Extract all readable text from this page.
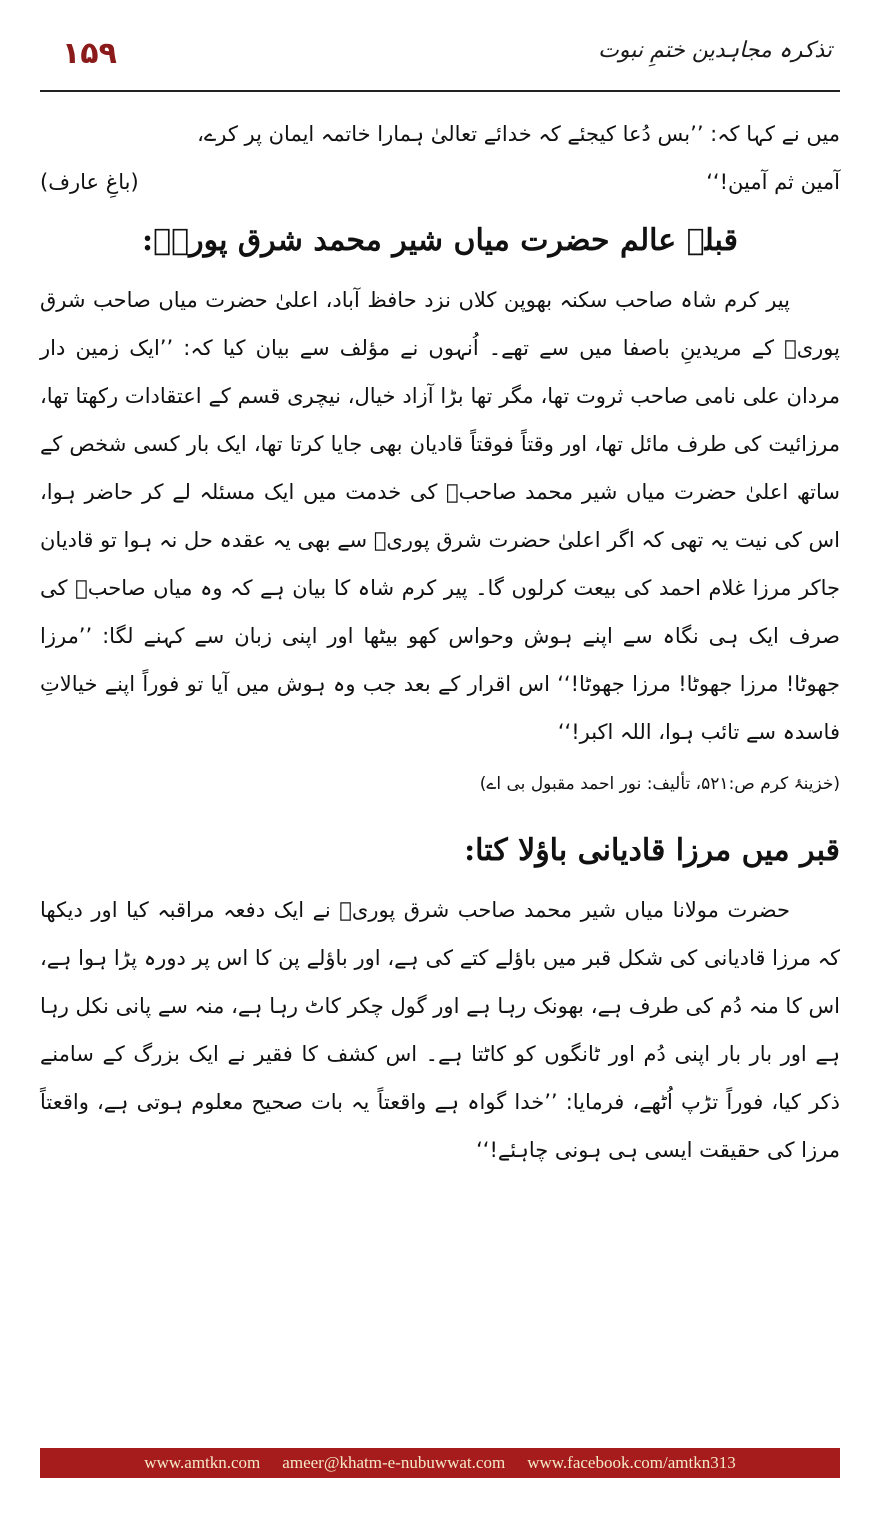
۱۵۹	تذکرہ مجاہدین ختمِ نبوت

میں نے کہا کہ: ’’بس دُعا کیجئے کہ خدائے تعالیٰ ہمارا خاتمہ ایمان پر کرے،

آمین ثم آمین!‘‘
(باغِ عارف)
قبلۂ عالم حضرت میاں شیر محمد شرق پوریؒ:

پیر کرم شاہ صاحب سکنہ بھوپن کلاں نزد حافظ آباد، اعلیٰ حضرت میاں صاحب شرق پوریؒ کے مریدینِ باصفا میں سے تھے۔ اُنہوں نے مؤلف سے بیان کیا کہ: ’’ایک زمین دار مردان علی نامی صاحب ثروت تھا، مگر تھا بڑا آزاد خیال، نیچری قسم کے اعتقادات رکھتا تھا، مرزائیت کی طرف مائل تھا، اور وقتاً فوقتاً قادیان بھی جایا کرتا تھا، ایک بار کسی شخص کے ساتھ اعلیٰ حضرت میاں شیر محمد صاحبؒ کی خدمت میں ایک مسئلہ لے کر حاضر ہوا، اس کی نیت یہ تھی کہ اگر اعلیٰ حضرت شرق پوریؒ سے بھی یہ عقدہ حل نہ ہوا تو قادیان جاکر مرزا غلام احمد کی بیعت کرلوں گا۔ پیر کرم شاہ کا بیان ہے کہ وہ میاں صاحبؒ کی صرف ایک ہی نگاہ سے اپنے ہوش وحواس کھو بیٹھا اور اپنی زبان سے کہنے لگا: ’’مرزا جھوٹا! مرزا جھوٹا! مرزا جھوٹا!‘‘ اس اقرار کے بعد جب وہ ہوش میں آیا تو فوراً اپنے خیالاتِ فاسدہ سے تائب ہوا، اللہ اکبر!‘‘

(خزینۂ کرم ص:۵۲۱، تألیف: نور احمد مقبول بی اے)

قبر میں مرزا قادیانی باؤلا کتا:

حضرت مولانا میاں شیر محمد صاحب شرق پوریؒ نے ایک دفعہ مراقبہ کیا اور دیکھا کہ مرزا قادیانی کی شکل قبر میں باؤلے کتے کی ہے، اور باؤلے پن کا اس پر دورہ پڑا ہوا ہے، اس کا منہ دُم کی طرف ہے، بھونک رہا ہے اور گول چکر کاٹ رہا ہے، منہ سے پانی نکل رہا ہے اور بار بار اپنی دُم اور ٹانگوں کو کاٹتا ہے۔ اس کشف کا فقیر نے ایک بزرگ کے سامنے ذکر کیا، فوراً تڑپ اُٹھے، فرمایا: ’’خدا گواہ ہے واقعتاً یہ بات صحیح معلوم ہوتی ہے، واقعتاً مرزا کی حقیقت ایسی ہی ہونی چاہئے!‘‘

www.amtkn.com ameer@khatm-e-nubuwwat.com www.facebook.com/amtkn313
